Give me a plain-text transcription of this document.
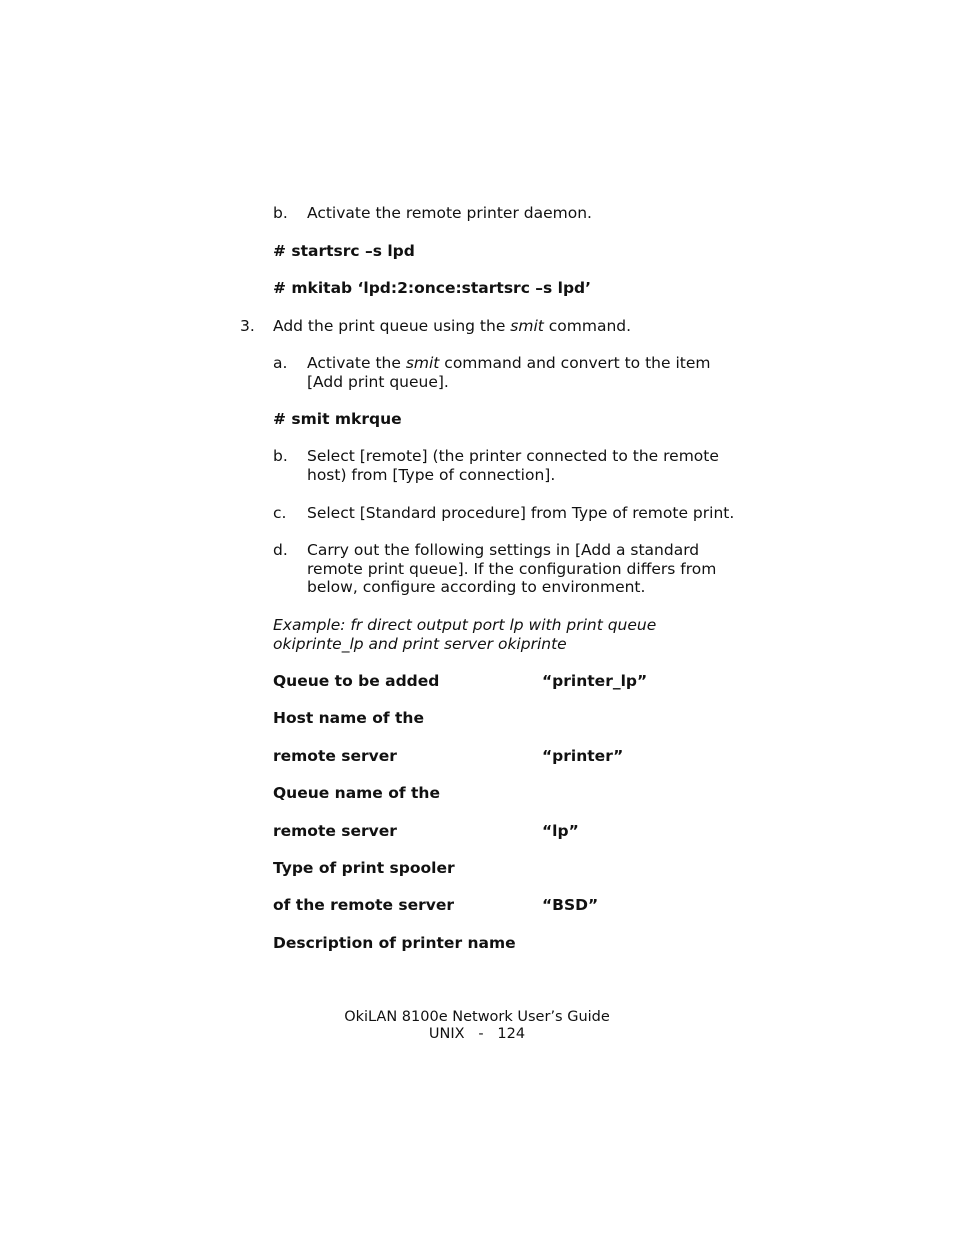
b.	Activate the remote printer daemon.
# startsrc –s lpd
# mkitab ‘lpd:2:once:startsrc –s lpd’
3. Add the print queue using the smit command.
a. Activate the smit command and convert to the item
[Add print queue].
# smit mkrque
b. Select [remote] (the printer connected to the remote
host) from [Type of connection].
c. Select [Standard procedure] from Type of remote print.
d. Carry out the following settings in [Add a standard
remote print queue]. If the configuration differs from
below, configure according to environment.
Example: fr direct output port lp with print queue
okiprinte_lp and print server okiprinte
Queue to be added	“printer_lp”
Host name of the
remote server	“printer”
Queue name of the
remote server	“lp”
Type of print spooler
of the remote server	“BSD”
Description of printer name
OkiLAN 8100e Network User’s Guide
UNIX   -   124
